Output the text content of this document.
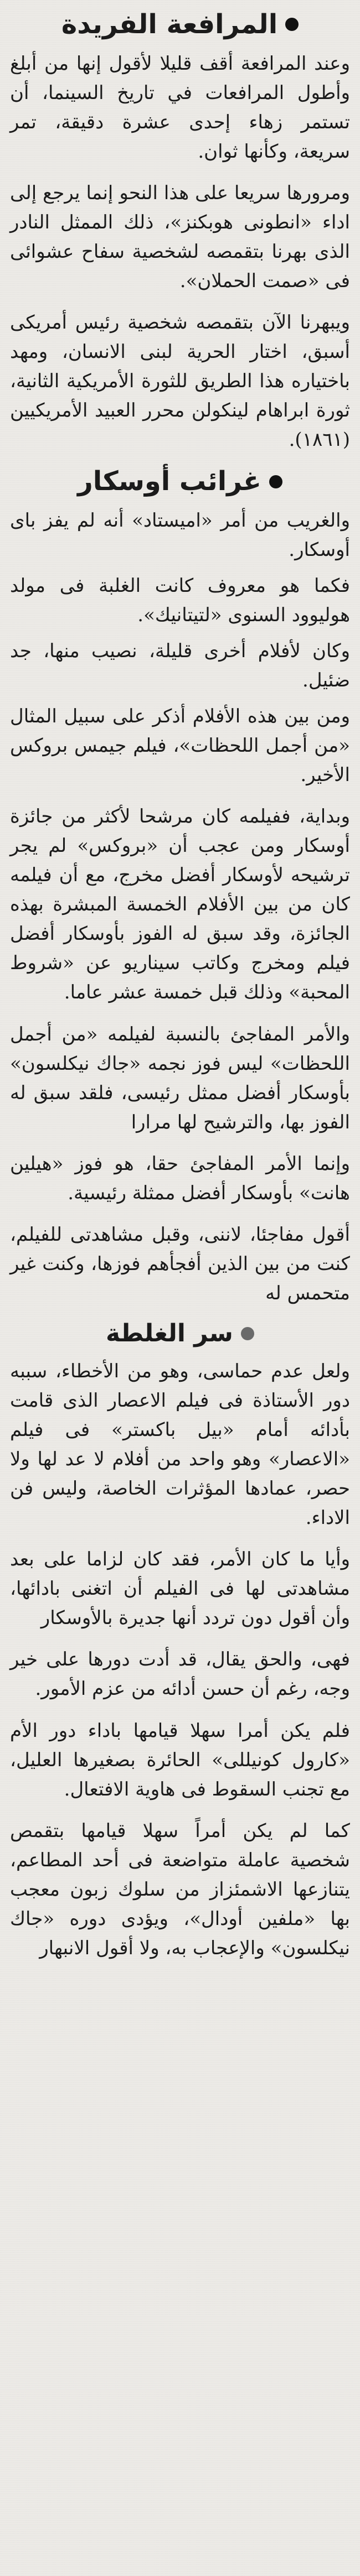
المرافعة الفريدة

وعند المرافعة أقف قليلا لأقول إنها من أبلغ وأطول المرافعات في تاريخ السينما، أن تستمر زهاء إحدى عشرة دقيقة، تمر سريعة، وكأنها ثوان.

ومرورها سريعا على هذا النحو إنما يرجع إلى اداء «انطونى هوبكنز»، ذلك الممثل النادر الذى بهرنا بتقمصه لشخصية سفاح عشوائى فى «صمت الحملان».

ويبهرنا الآن بتقمصه شخصية رئيس أمريكى أسبق، اختار الحرية لبنى الانسان، ومهد باختياره هذا الطريق للثورة الأمريكية الثانية، ثورة ابراهام لينكولن محرر العبيد الأمريكيين (١٨٦١).

غرائب أوسكار

والغريب من أمر «اميستاد» أنه لم يفز باى أوسكار.

فكما هو معروف كانت الغلبة فى مولد هوليوود السنوى «لتيتانيك».

وكان لأفلام أخرى قليلة، نصيب منها، جد ضئيل.

ومن بين هذه الأفلام أذكر على سبيل المثال «من أجمل اللحظات»، فيلم جيمس بروكس الأخير.

وبداية، ففيلمه كان مرشحا لأكثر من جائزة أوسكار ومن عجب أن «بروكس» لم يجر ترشيحه لأوسكار أفضل مخرج، مع أن فيلمه كان من بين الأفلام الخمسة المبشرة بهذه الجائزة، وقد سبق له الفوز بأوسكار أفضل فيلم ومخرج وكاتب سيناريو عن «شروط المحبة» وذلك قبل خمسة عشر عاما.

والأمر المفاجئ بالنسبة لفيلمه «من أجمل اللحظات» ليس فوز نجمه «جاك نيكلسون» بأوسكار أفضل ممثل رئيسى، فلقد سبق له الفوز بها، والترشيح لها مرارا

وإنما الأمر المفاجئ حقا، هو فوز «هيلين هانت» بأوسكار أفضل ممثلة رئيسية.

أقول مفاجئا، لاننى، وقبل مشاهدتى للفيلم، كنت من بين الذين أفجأهم فوزها، وكنت غير متحمس له

سر الغلطة

ولعل عدم حماسى، وهو من الأخطاء، سببه دور الأستاذة فى فيلم الاعصار الذى قامت بأدائه أمام «بيل باكستر» فى فيلم «الاعصار» وهو واحد من أفلام لا عد لها ولا حصر، عمادها المؤثرات الخاصة، وليس فن الاداء.

وأيا ما كان الأمر، فقد كان لزاما على بعد مشاهدتى لها فى الفيلم أن اتغنى بادائها، وأن أقول دون تردد أنها جديرة بالأوسكار

فهى، والحق يقال، قد أدت دورها على خير وجه، رغم أن حسن أدائه من عزم الأمور.

فلم يكن أمرا سهلا قيامها باداء دور الأم «كارول كونيللى» الحائرة بصغيرها العليل، مع تجنب السقوط فى هاوية الافتعال.

كما لم يكن أمراً سهلا قيامها بتقمص شخصية عاملة متواضعة فى أحد المطاعم، يتنازعها الاشمئزاز من سلوك زبون معجب بها «ملفين أودال»، ويؤدى دوره «جاك نيكلسون» والإعجاب به، ولا أقول الانبهار
